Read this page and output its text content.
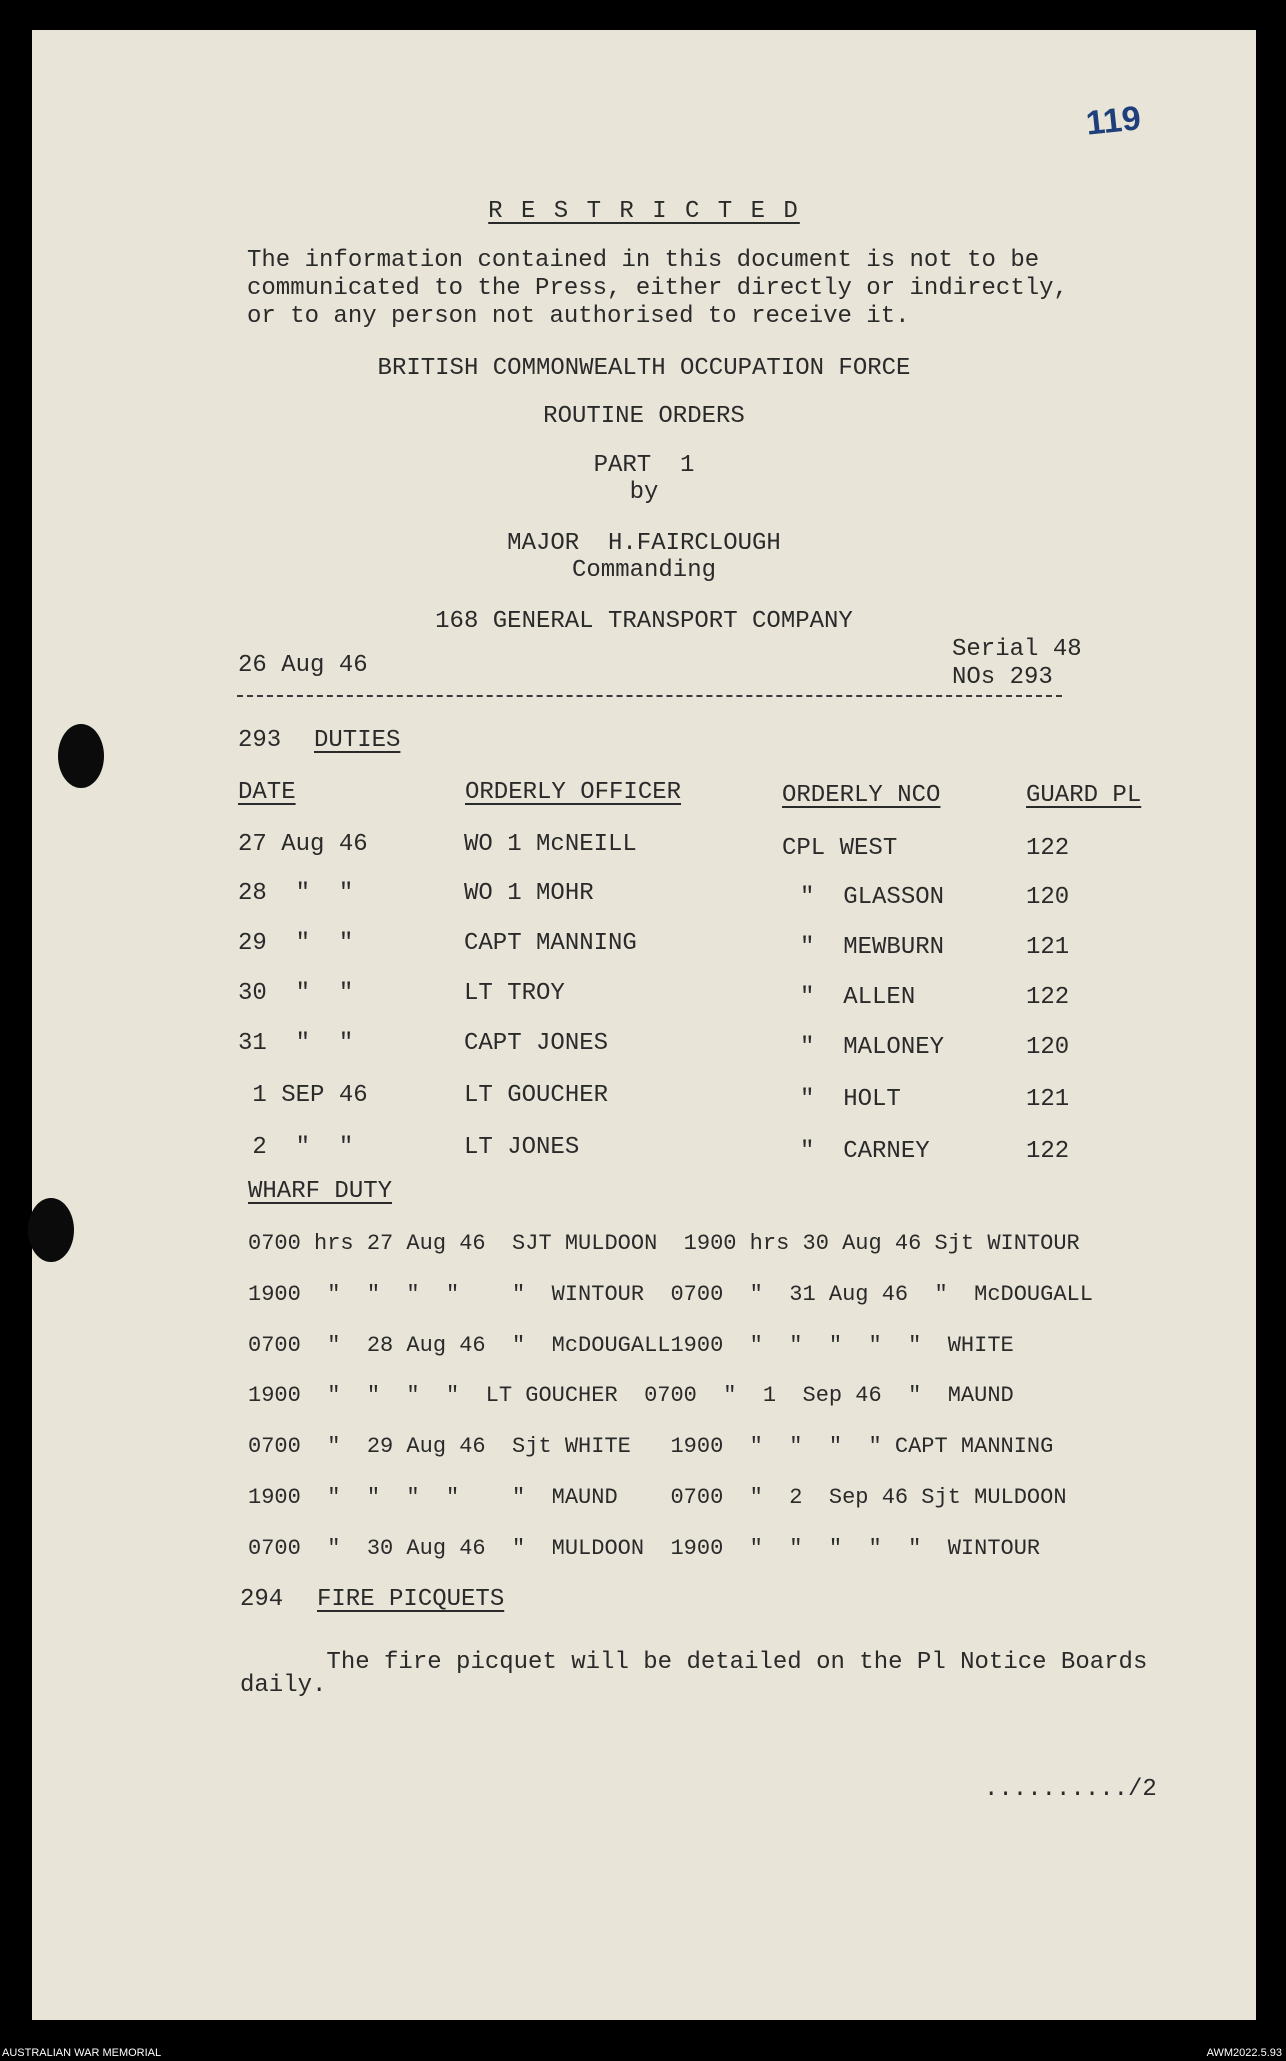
119
R E S T R I C T E D
The information contained in this document is not to be
communicated to the Press, either directly or indirectly,
or to any person not authorised to receive it.
BRITISH COMMONWEALTH OCCUPATION FORCE
ROUTINE ORDERS
PART  1
by
MAJOR  H.FAIRCLOUGH
Commanding
168 GENERAL TRANSPORT COMPANY
26 Aug 46
Serial 48
NOs 293
293 DUTIES
DATE	ORDERLY OFFICER	ORDERLY NCO	GUARD PL
27 Aug 46	WO 1 McNEILL	CPL WEST	122
28  "  "	WO 1 MOHR	"  GLASSON	120
29  "  "	CAPT MANNING	"  MEWBURN	121
30  "  "	LT TROY	"  ALLEN	122
31  "  "	CAPT JONES	"  MALONEY	120
1 SEP 46	LT GOUCHER	"  HOLT	121
2  "  "	LT JONES	"  CARNEY	122
WHARF DUTY
0700 hrs 27 Aug 46  SJT MULDOON  1900 hrs 30 Aug 46 Sjt WINTOUR
1900  "  "  "  "    "  WINTOUR  0700  "  31 Aug 46  "  McDOUGALL
0700  "  28 Aug 46  "  McDOUGALL1900  "  "  "  "  "  WHITE
1900  "  "  "  "  LT GOUCHER  0700  "  1  Sep 46  "  MAUND
0700  "  29 Aug 46  Sjt WHITE   1900  "  "  "  " CAPT MANNING
1900  "  "  "  "    "  MAUND    0700  "  2  Sep 46 Sjt MULDOON
0700  "  30 Aug 46  "  MULDOON  1900  "  "  "  "  "  WINTOUR
294 FIRE PICQUETS
The fire picquet will be detailed on the Pl Notice Boards
daily.
........../2
AUSTRALIAN WAR MEMORIAL	AWM2022.5.93
